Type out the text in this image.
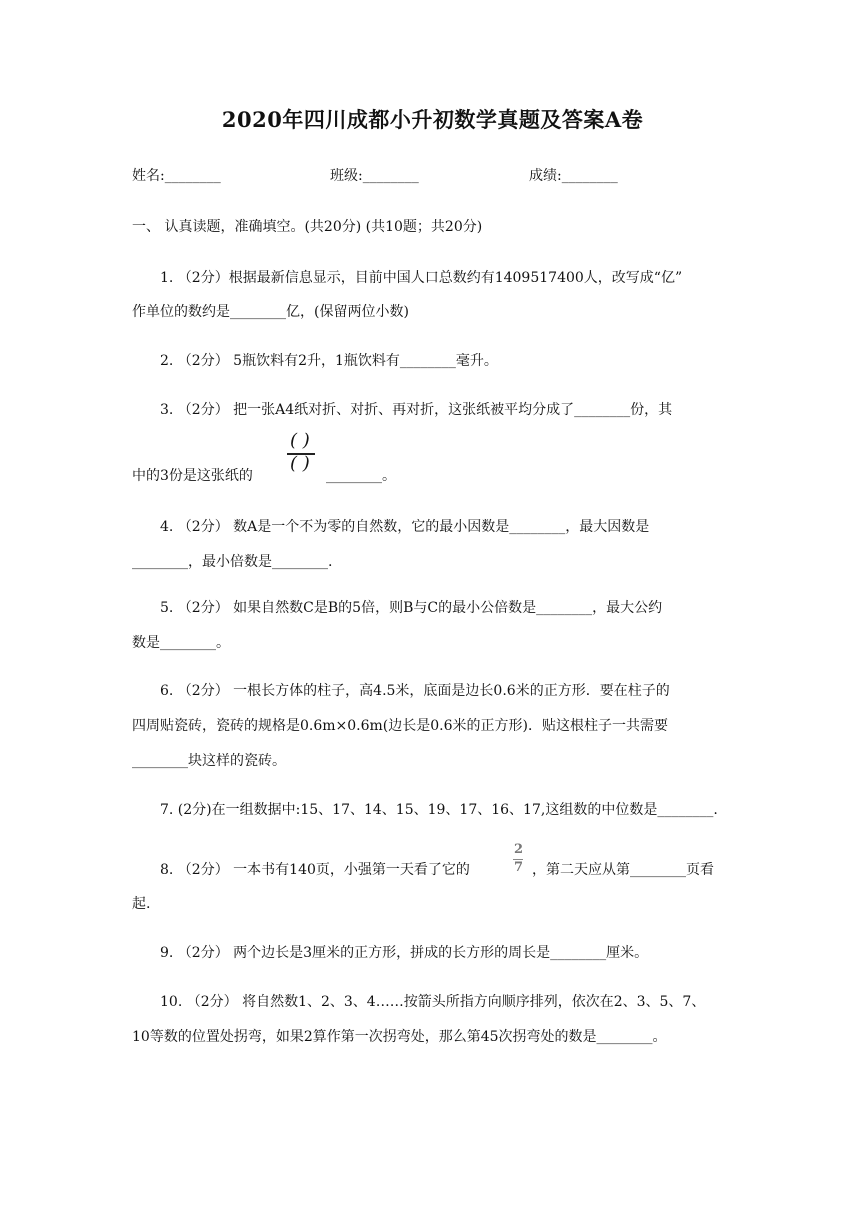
2020年四川成都小升初数学真题及答案A卷
姓名:________	班级:________	成绩:________
一、 认真读题，准确填空。(共20分) (共10题；共20分)
1. （2分）根据最新信息显示，目前中国人口总数约有1409517400人，改写成“亿”
作单位的数约是________亿，(保留两位小数)
2. （2分） 5瓶饮料有2升，1瓶饮料有________毫升。
3. （2分） 把一张A4纸对折、对折、再对折，这张纸被平均分成了________份，其
中的3份是这张纸的
( )
( )
________。
4. （2分） 数A是一个不为零的自然数，它的最小因数是________，最大因数是
________，最小倍数是________.
5. （2分） 如果自然数C是B的5倍，则B与C的最小公倍数是________，最大公约
数是________。
6. （2分） 一根长方体的柱子，高4.5米，底面是边长0.6米的正方形．要在柱子的
四周贴瓷砖，瓷砖的规格是0.6m×0.6m(边长是0.6米的正方形)．贴这根柱子一共需要
________块这样的瓷砖。
7. (2分)在一组数据中:15、17、14、15、19、17、16、17,这组数的中位数是________.
8. （2分） 一本书有140页，小强第一天看了它的
2
7 ，第二天应从第________页看
起.
9. （2分） 两个边长是3厘米的正方形，拼成的长方形的周长是________厘米。
10. （2分） 将自然数1、2、3、4……按箭头所指方向顺序排列，依次在2、3、5、7、
10等数的位置处拐弯，如果2算作第一次拐弯处，那么第45次拐弯处的数是________。
